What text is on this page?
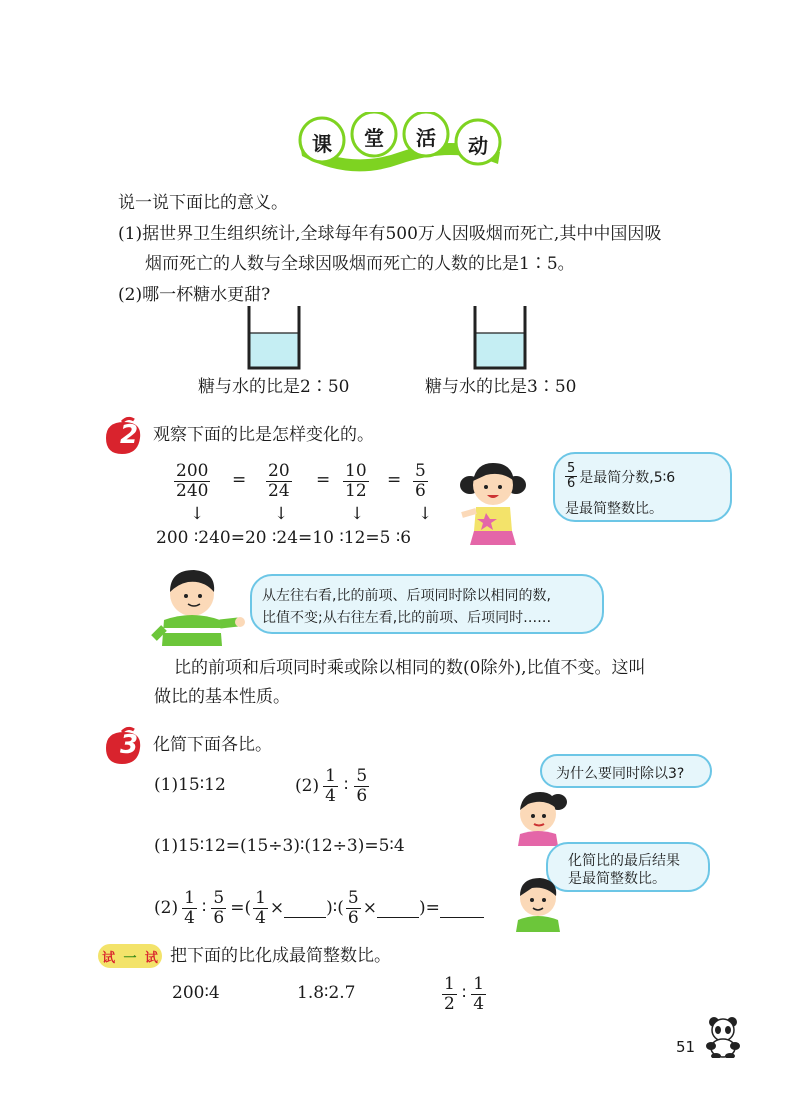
课 堂 活 动
说一说下面比的意义。
(1)据世界卫生组织统计,全球每年有500万人因吸烟而死亡,其中中国因吸
烟而死亡的人数与全球因吸烟而死亡的人数的比是1∶5。
(2)哪一杯糖水更甜?
糖与水的比是2∶50	糖与水的比是3∶50
2 观察下面的比是怎样变化的。
$\frac{200}{240} = \frac{20}{24} = \frac{10}{12} = \frac{5}{6}$
↓	↓	↓	↓
200 ∶240=20 ∶24=10 ∶12=5 ∶6
$\frac{5}{6}$ 是最简分数,5∶6
是最简整数比。
从左往右看,比的前项、后项同时除以相同的数,
比值不变;从右往左看,比的前项、后项同时……
比的前项和后项同时乘或除以相同的数(0除外),比值不变。这叫
做比的基本性质。
3 化简下面各比。
(1)15∶12	$(2) \frac{1}{4}$ ∶ $\frac{5}{6}$	为什么要同时除以3?
(1)15∶12=(15÷3)∶(12÷3)=5∶4
化简比的最后结果
是最简整数比。
$(2) \frac{1}{4}$ ∶ $\frac{5}{6}$ = ( $\frac{1}{4}$ × )∶( $\frac{5}{6}$ × )=
试 一 试 把下面的比化成最简整数比。
200∶4	1.8∶2.7	$\frac{1}{2}$ ∶ $\frac{1}{4}$
51
